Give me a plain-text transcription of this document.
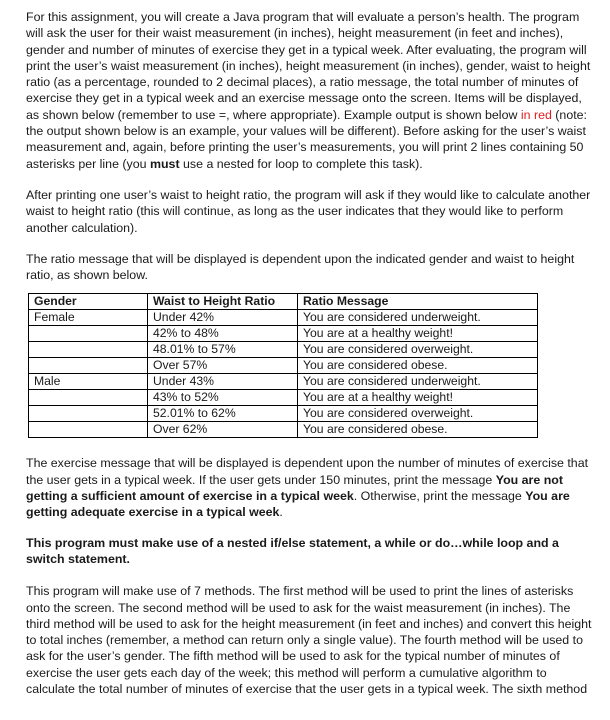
For this assignment, you will create a Java program that will evaluate a person’s health. The program will ask the user for their waist measurement (in inches), height measurement (in feet and inches), gender and number of minutes of exercise they get in a typical week. After evaluating, the program will print the user’s waist measurement (in inches), height measurement (in inches), gender, waist to height ratio (as a percentage, rounded to 2 decimal places), a ratio message, the total number of minutes of exercise they get in a typical week and an exercise message onto the screen. Items will be displayed, as shown below (remember to use =, where appropriate). Example output is shown below in red (note: the output shown below is an example, your values will be different). Before asking for the user’s waist measurement and, again, before printing the user’s measurements, you will print 2 lines containing 50 asterisks per line (you must use a nested for loop to complete this task).

After printing one user’s waist to height ratio, the program will ask if they would like to calculate another waist to height ratio (this will continue, as long as the user indicates that they would like to perform another calculation).

The ratio message that will be displayed is dependent upon the indicated gender and waist to height ratio, as shown below.

Gender	Waist to Height Ratio	Ratio Message
Female	Under 42%	You are considered underweight.
	42% to 48%	You are at a healthy weight!
	48.01% to 57%	You are considered overweight.
	Over 57%	You are considered obese.
Male	Under 43%	You are considered underweight.
	43% to 52%	You are at a healthy weight!
	52.01% to 62%	You are considered overweight.
	Over 62%	You are considered obese.

The exercise message that will be displayed is dependent upon the number of minutes of exercise that the user gets in a typical week. If the user gets under 150 minutes, print the message You are not getting a sufficient amount of exercise in a typical week. Otherwise, print the message You are getting adequate exercise in a typical week.

This program must make use of a nested if/else statement, a while or do…while loop and a switch statement.

This program will make use of 7 methods. The first method will be used to print the lines of asterisks onto the screen. The second method will be used to ask for the waist measurement (in inches). The third method will be used to ask for the height measurement (in feet and inches) and convert this height to total inches (remember, a method can return only a single value). The fourth method will be used to ask for the user’s gender. The fifth method will be used to ask for the typical number of minutes of exercise the user gets each day of the week; this method will perform a cumulative algorithm to calculate the total number of minutes of exercise that the user gets in a typical week. The sixth method
